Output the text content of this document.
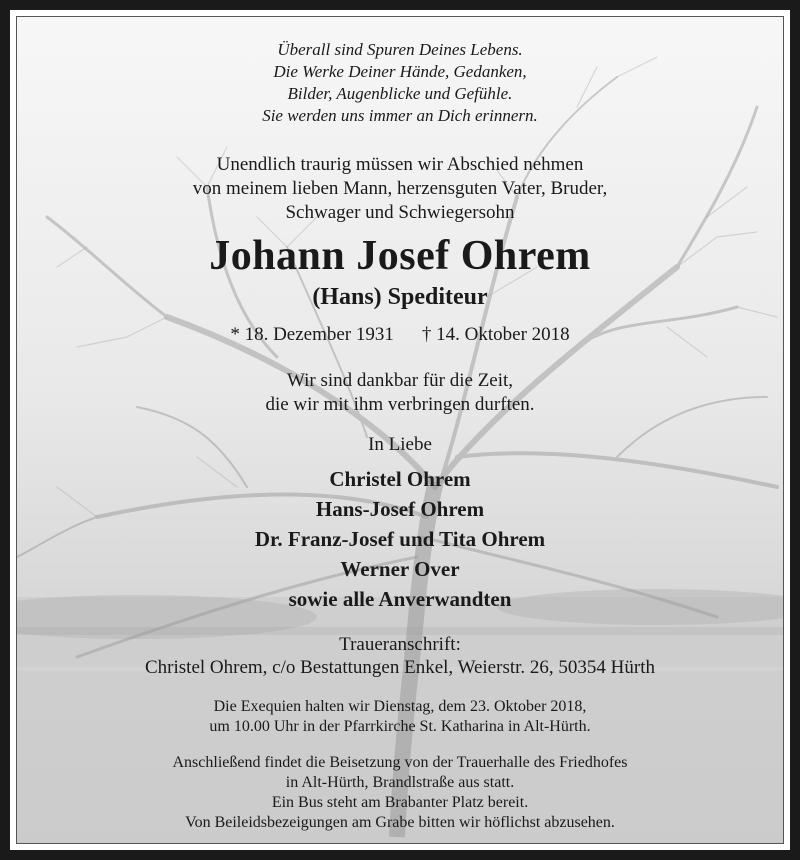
Überall sind Spuren Deines Lebens.
Die Werke Deiner Hände, Gedanken,
Bilder, Augenblicke und Gefühle.
Sie werden uns immer an Dich erinnern.
Unendlich traurig müssen wir Abschied nehmen
von meinem lieben Mann, herzensguten Vater, Bruder,
Schwager und Schwiegersohn
Johann Josef Ohrem
(Hans) Spediteur
* 18. Dezember 1931 † 14. Oktober 2018
Wir sind dankbar für die Zeit,
die wir mit ihm verbringen durften.
In Liebe
Christel Ohrem
Hans-Josef Ohrem
Dr. Franz-Josef und Tita Ohrem
Werner Over
sowie alle Anverwandten
Traueranschrift:
Christel Ohrem, c/o Bestattungen Enkel, Weierstr. 26, 50354 Hürth
Die Exequien halten wir Dienstag, dem 23. Oktober 2018,
um 10.00 Uhr in der Pfarrkirche St. Katharina in Alt-Hürth.
Anschließend findet die Beisetzung von der Trauerhalle des Friedhofes
in Alt-Hürth, Brandlstraße aus statt.
Ein Bus steht am Brabanter Platz bereit.
Von Beileidsbezeigungen am Grabe bitten wir höflichst abzusehen.
